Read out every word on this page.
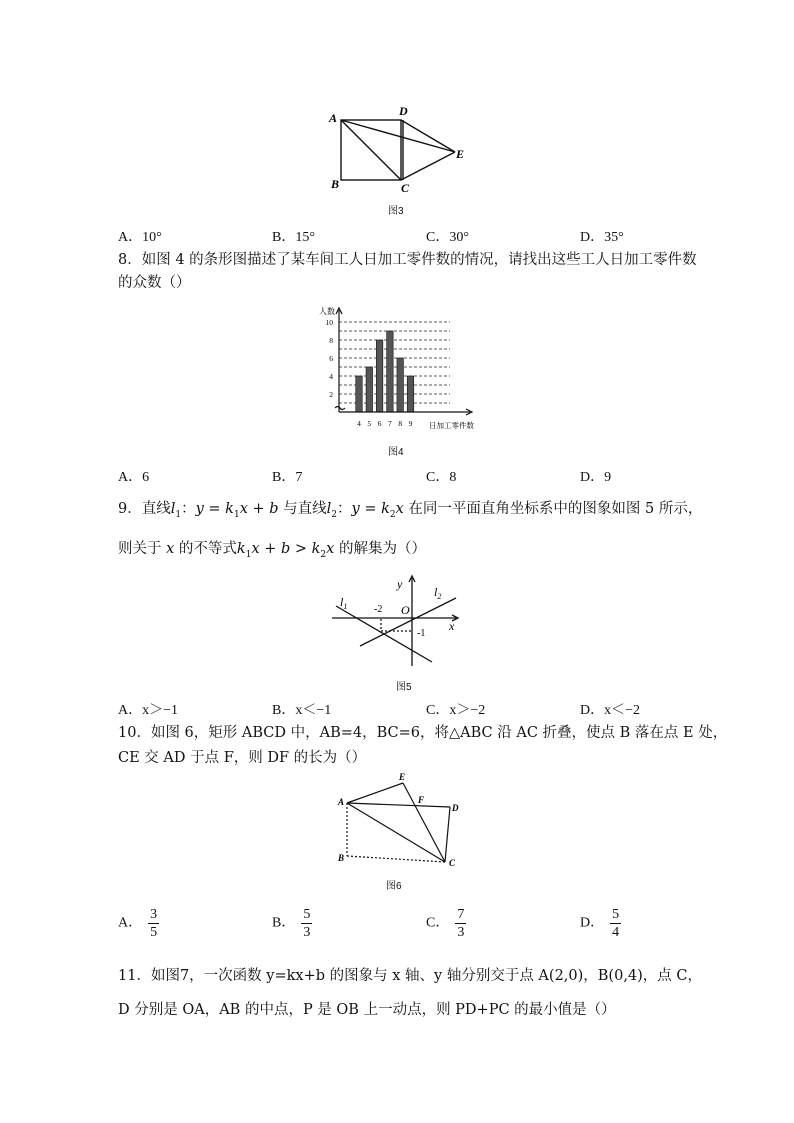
A
B	C
D
E
图3
A．10°	B．15°	C．30°	D．35°
8．如图 4 的条形图描述了某车间工人日加工零件数的情况，请找出这些工人日加工零件数
的众数（）
2
4
6
8
10
4 5 6 7 8 9
人数
日加工零件数
图4
A．6	B．7	C．8	D．9
9．直线$l_1$：$y = k_1x + b$ 与直线$l_2$：$y = k_2x$ 在同一平面直角坐标系中的图象如图 5 所示，
则关于 x 的不等式$k_1x + b > k_2x$ 的解集为（）
y
x
O
$l_1$
$l_2$
-2
-1
图5
A．x＞−1	B．x＜−1	C．x＞−2	D．x＜−2
10．如图 6，矩形 ABCD 中，AB=4，BC=6，将△ABC 沿 AC 折叠，使点 B 落在点 E 处，
CE 交 AD 于点 F，则 DF 的长为（）
A
B	C
D
E
F
图6
A． $\frac{3}{5}$	B． $\frac{5}{3}$	C． $\frac{7}{3}$	D． $\frac{5}{4}$
11．如图7，一次函数 y=kx+b 的图象与 x 轴、y 轴分别交于点 A(2,0)，B(0,4)，点 C，
D 分别是 OA，AB 的中点，P 是 OB 上一动点，则 PD+PC 的最小值是（）
